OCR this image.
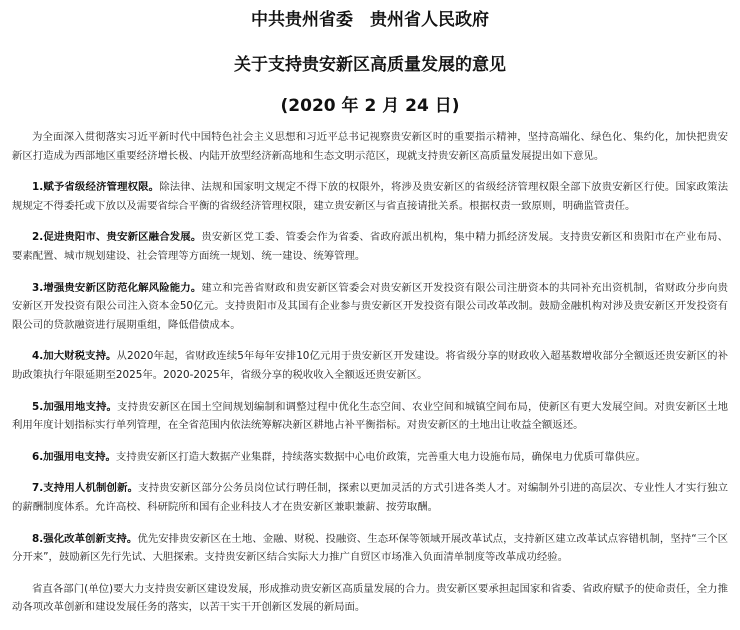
中共贵州省委　贵州省人民政府
关于支持贵安新区高质量发展的意见
(2020 年 2 月 24 日)

为全面深入贯彻落实习近平新时代中国特色社会主义思想和习近平总书记视察贵安新区时的重要指示精神，坚持高端化、绿色化、集约化，加快把贵安新区打造成为西部地区重要经济增长极、内陆开放型经济新高地和生态文明示范区，现就支持贵安新区高质量发展提出如下意见。

1.赋予省级经济管理权限。除法律、法规和国家明文规定不得下放的权限外，将涉及贵安新区的省级经济管理权限全部下放贵安新区行使。国家政策法规规定不得委托或下放以及需要省综合平衡的省级经济管理权限，建立贵安新区与省直接请批关系。根据权责一致原则，明确监管责任。

2.促进贵阳市、贵安新区融合发展。贵安新区党工委、管委会作为省委、省政府派出机构，集中精力抓经济发展。支持贵安新区和贵阳市在产业布局、要素配置、城市规划建设、社会管理等方面统一规划、统一建设、统筹管理。

3.增强贵安新区防范化解风险能力。建立和完善省财政和贵安新区管委会对贵安新区开发投资有限公司注册资本的共同补充出资机制，省财政分步向贵安新区开发投资有限公司注入资本金50亿元。支持贵阳市及其国有企业参与贵安新区开发投资有限公司改革改制。鼓励金融机构对涉及贵安新区开发投资有限公司的贷款融资进行展期重组，降低借债成本。

4.加大财税支持。从2020年起，省财政连续5年每年安排10亿元用于贵安新区开发建设。将省级分享的财政收入超基数增收部分全额返还贵安新区的补助政策执行年限延期至2025年。2020-2025年，省级分享的税收收入全额返还贵安新区。

5.加强用地支持。支持贵安新区在国土空间规划编制和调整过程中优化生态空间、农业空间和城镇空间布局，使新区有更大发展空间。对贵安新区土地利用年度计划指标实行单列管理，在全省范围内依法统筹解决新区耕地占补平衡指标。对贵安新区的土地出让收益全额返还。

6.加强用电支持。支持贵安新区打造大数据产业集群，持续落实数据中心电价政策，完善重大电力设施布局，确保电力优质可靠供应。

7.支持用人机制创新。支持贵安新区部分公务员岗位试行聘任制，探索以更加灵活的方式引进各类人才。对编制外引进的高层次、专业性人才实行独立的薪酬制度体系。允许高校、科研院所和国有企业科技人才在贵安新区兼职兼薪、按劳取酬。

8.强化改革创新支持。优先安排贵安新区在土地、金融、财税、投融资、生态环保等领域开展改革试点，支持新区建立改革试点容错机制，坚持“三个区分开来”，鼓励新区先行先试、大胆探索。支持贵安新区结合实际大力推广自贸区市场准入负面清单制度等改革成功经验。

省直各部门(单位)要大力支持贵安新区建设发展，形成推动贵安新区高质量发展的合力。贵安新区要承担起国家和省委、省政府赋予的使命责任，全力推动各项改革创新和建设发展任务的落实，以苦干实干开创新区发展的新局面。
